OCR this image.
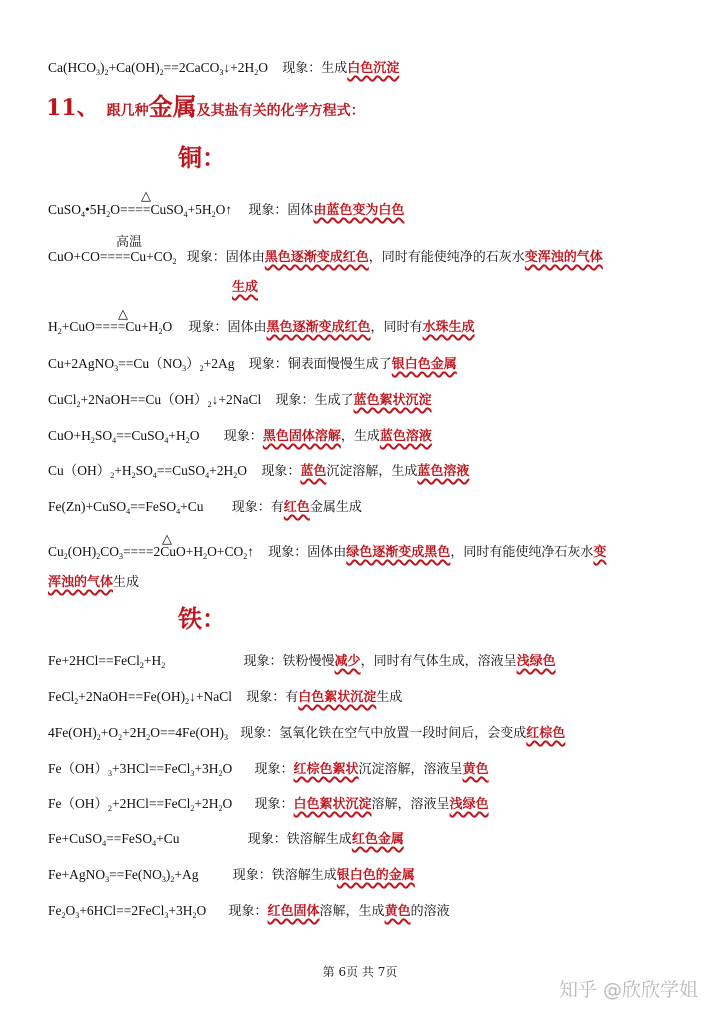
$Ca(HCO_3)_2+Ca(OH)_2==2CaCO_3↓+2H_2O$ 现象：生成白色沉淀
11、 跟几种金属及其盐有关的化学方程式：
铜：
△
$CuSO_4•5H_2O====CuSO_4+5H_2O↑$ 现象：固体由蓝色变为白色
高温
$CuO+CO====Cu+CO_2$ 现象：固体由黑色逐渐变成红色，同时有能使纯净的石灰水变浑浊的气体
生成
△
$H_2+CuO====Cu+H_2O$ 现象：固体由黑色逐渐变成红色，同时有水珠生成
$Cu+2AgNO_3==Cu(NO_3)_2+2Ag$ 现象：铜表面慢慢生成了银白色金属
$CuCl_2+2NaOH==Cu(OH)_2↓+2NaCl$ 现象：生成了蓝色絮状沉淀
$CuO+H_2SO_4==CuSO_4+H_2O$ 现象：黑色固体溶解，生成蓝色溶液
$Cu(OH)_2+H_2SO_4==CuSO_4+2H_2O$ 现象：蓝色沉淀溶解，生成蓝色溶液
Fe(Zn)+CuSO$_4$==FeSO$_4$+Cu 现象：有红色金属生成
△
$Cu_2(OH)_2CO_3====2CuO+H_2O+CO_2↑$ 现象：固体由绿色逐渐变成黑色，同时有能使纯净石灰水变
浑浊的气体生成
铁：
$Fe+2HCl==FeCl_2+H_2$	现象：铁粉慢慢减少，同时有气体生成，溶液呈浅绿色
$FeCl_2+2NaOH==Fe(OH)_2↓+NaCl$ 现象：有白色絮状沉淀生成
$4Fe(OH)_2+O_2+2H_2O==4Fe(OH)_3$ 现象：氢氧化铁在空气中放置一段时间后，会变成红棕色
$Fe(OH)_3+3HCl==FeCl_3+3H_2O$ 现象：红棕色絮状沉淀溶解，溶液呈黄色
$Fe(OH)_2+2HCl==FeCl_2+2H_2O$ 现象：白色絮状沉淀溶解，溶液呈浅绿色
Fe+CuSO$_4$==FeSO$_4$+Cu	现象：铁溶解生成红色金属
$Fe+AgNO_3==Fe(NO_3)_2+Ag$	现象：铁溶解生成银白色的金属
$Fe_2O_3+6HCl==2FeCl_3+3H_2O$ 现象：红色固体溶解，生成黄色的溶液
第 6页 共 7页
知乎 @欣欣学姐
